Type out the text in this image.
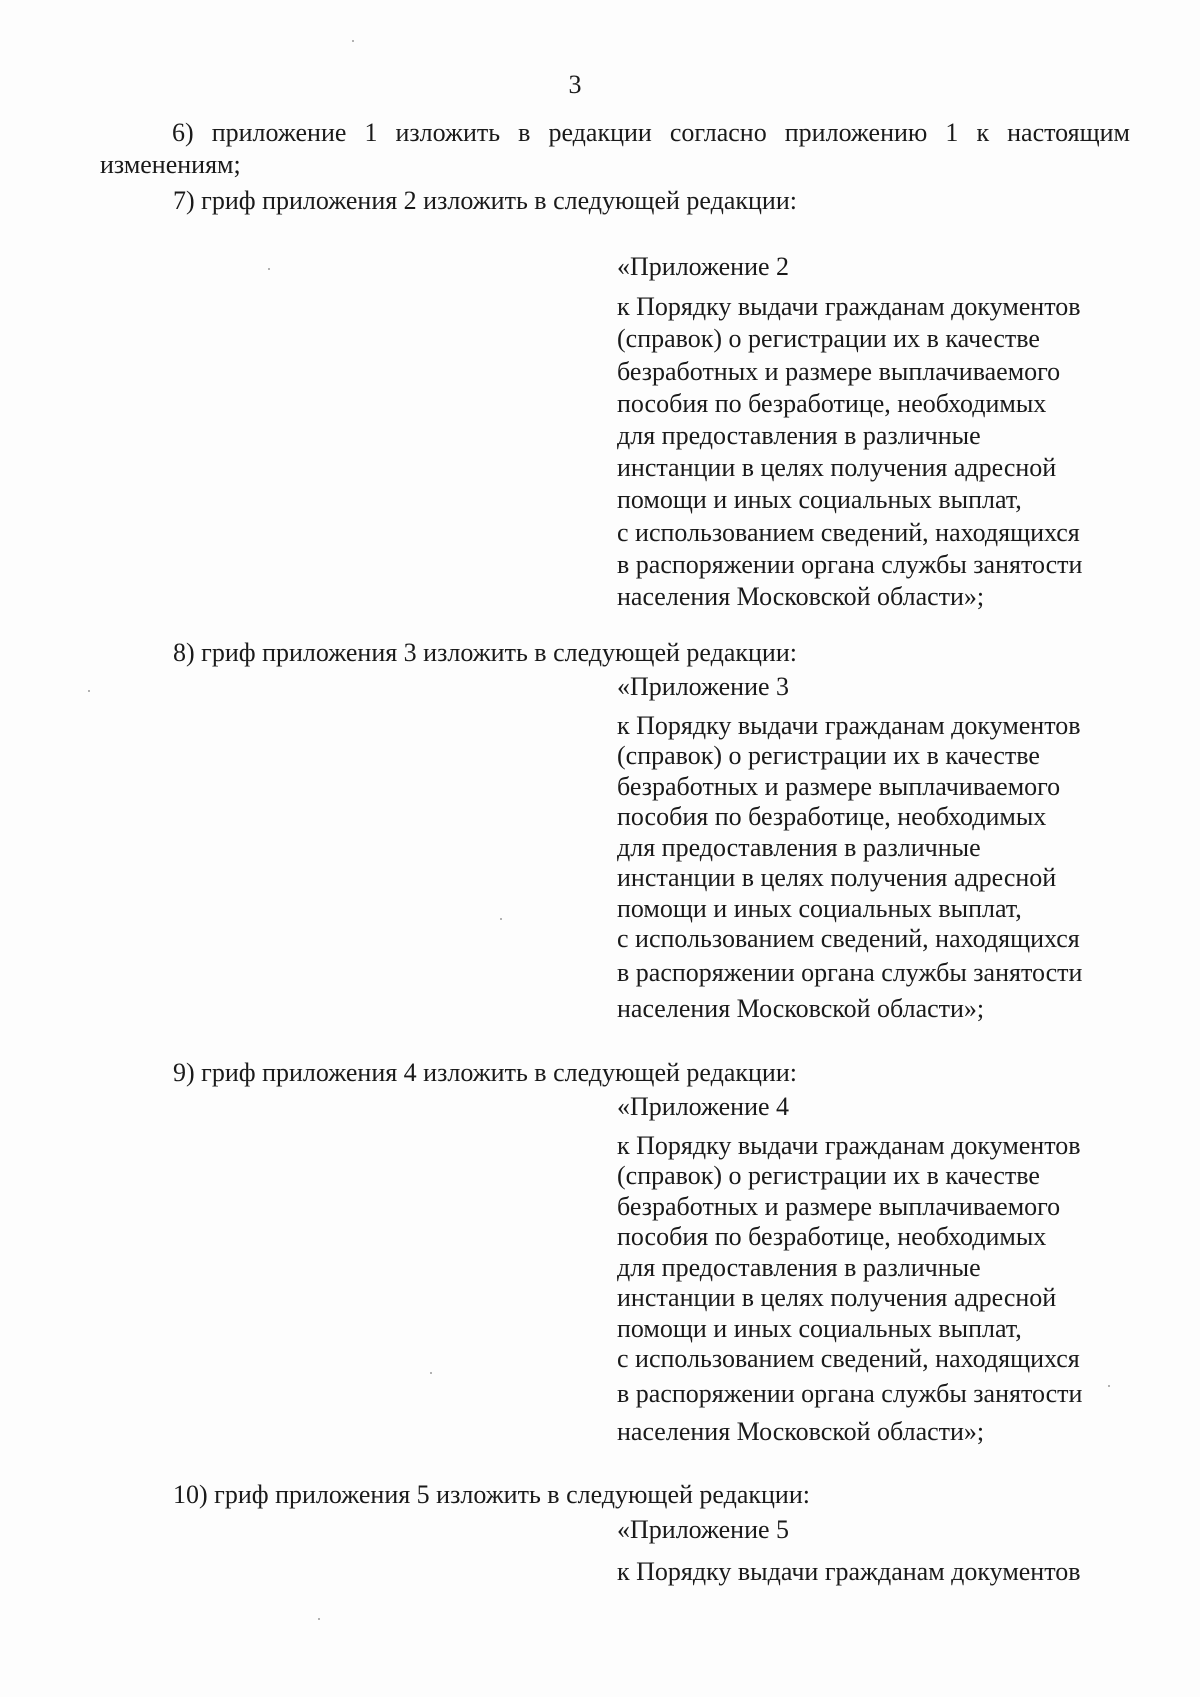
3
6) приложение 1 изложить в редакции согласно приложению 1 к настоящим изменениям;
7) гриф приложения 2 изложить в следующей редакции:
«Приложение 2
к Порядку выдачи гражданам документов
(справок) о регистрации их в качестве
безработных и размере выплачиваемого
пособия по безработице, необходимых
для предоставления в различные
инстанции в целях получения адресной
помощи и иных социальных выплат,
с использованием сведений, находящихся
в распоряжении органа службы занятости
населения Московской области»;
8) гриф приложения 3 изложить в следующей редакции:
«Приложение 3
к Порядку выдачи гражданам документов
(справок) о регистрации их в качестве
безработных и размере выплачиваемого
пособия по безработице, необходимых
для предоставления в различные
инстанции в целях получения адресной
помощи и иных социальных выплат,
с использованием сведений, находящихся
в распоряжении органа службы занятости
населения Московской области»;
9) гриф приложения 4 изложить в следующей редакции:
«Приложение 4
к Порядку выдачи гражданам документов
(справок) о регистрации их в качестве
безработных и размере выплачиваемого
пособия по безработице, необходимых
для предоставления в различные
инстанции в целях получения адресной
помощи и иных социальных выплат,
с использованием сведений, находящихся
в распоряжении органа службы занятости
населения Московской области»;
10) гриф приложения 5 изложить в следующей редакции:
«Приложение 5
к Порядку выдачи гражданам документов
